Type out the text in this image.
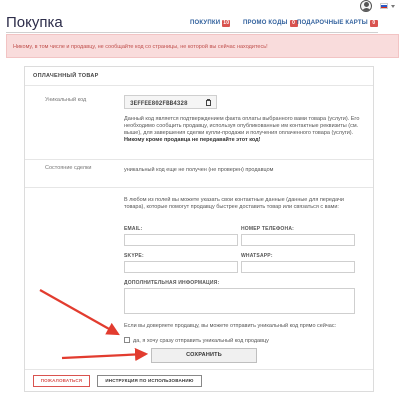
Покупка	ПОКУПКИ 10 ПРОМО КОДЫ 0 ПОДАРОЧНЫЕ КАРТЫ 0
Никому, в том числе и продавцу, не сообщайте код со страницы, не которой вы сейчас находитесь!
ОПЛАЧЕННЫЙ ТОВАР
Уникальный код	3EFFEE802FBB4328
Данный код является подтверждением факта оплаты выбранного вами товара (услуги). Его необходимо сообщить продавцу, используя опубликованные им контактные реквизиты (см. выше), для завершения сделки купли-продажи и получения оплаченного товара (услуги). Никому кроме продавца не передавайте этот код!
Состояние сделки	уникальный код еще не получен (не проверен) продавцом
В любом из полей вы можете указать свои контактные данные (данные для передачи товара), которые помогут продавцу быстрее доставить товар или связаться с вами:
EMAIL:	НОМЕР ТЕЛЕФОНА:
SKYPE:	WHATSAPP:
ДОПОЛНИТЕЛЬНАЯ ИНФОРМАЦИЯ:
Если вы доверяете продавцу, вы можете отправить уникальный код прямо сейчас:
да, я хочу сразу отправить уникальный код продавцу
СОХРАНИТЬ
ПОЖАЛОВАТЬСЯ	ИНСТРУКЦИЯ ПО ИСПОЛЬЗОВАНИЮ
